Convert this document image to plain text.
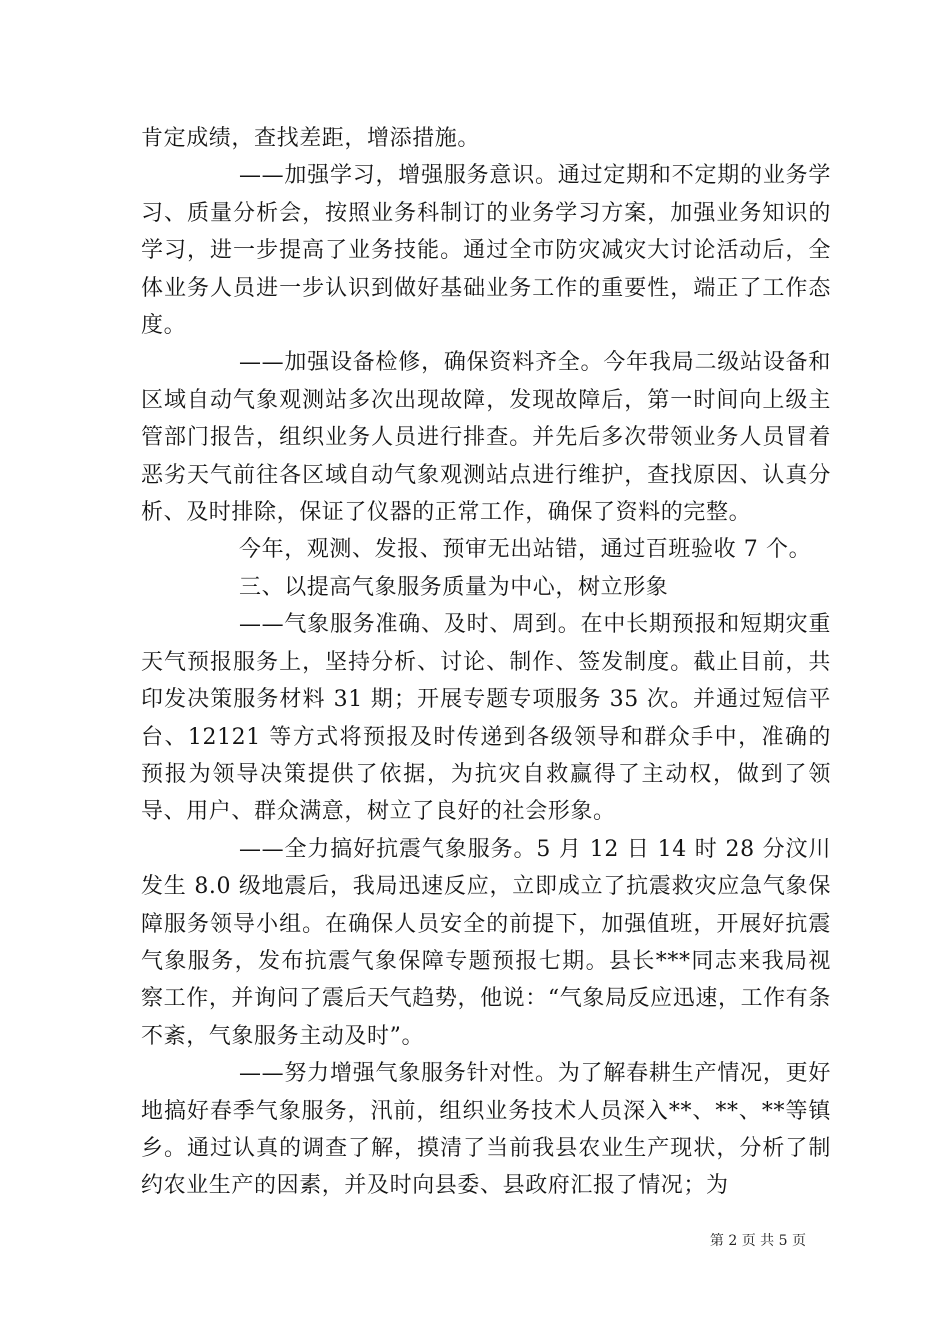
肯定成绩，查找差距，增添措施。

——加强学习，增强服务意识。通过定期和不定期的业务学习、质量分析会，按照业务科制订的业务学习方案，加强业务知识的学习，进一步提高了业务技能。通过全市防灾减灾大讨论活动后，全体业务人员进一步认识到做好基础业务工作的重要性，端正了工作态度。

——加强设备检修，确保资料齐全。今年我局二级站设备和区域自动气象观测站多次出现故障，发现故障后，第一时间向上级主管部门报告，组织业务人员进行排查。并先后多次带领业务人员冒着恶劣天气前往各区域自动气象观测站点进行维护，查找原因、认真分析、及时排除，保证了仪器的正常工作，确保了资料的完整。

今年，观测、发报、预审无出站错，通过百班验收 7 个。

三、以提高气象服务质量为中心，树立形象

——气象服务准确、及时、周到。在中长期预报和短期灾重天气预报服务上，坚持分析、讨论、制作、签发制度。截止目前，共印发决策服务材料 31 期；开展专题专项服务 35 次。并通过短信平台、12121 等方式将预报及时传递到各级领导和群众手中，准确的预报为领导决策提供了依据，为抗灾自救赢得了主动权，做到了领导、用户、群众满意，树立了良好的社会形象。

——全力搞好抗震气象服务。5 月 12 日 14 时 28 分汶川发生 8.0 级地震后，我局迅速反应，立即成立了抗震救灾应急气象保障服务领导小组。在确保人员安全的前提下，加强值班，开展好抗震气象服务，发布抗震气象保障专题预报七期。县长***同志来我局视察工作，并询问了震后天气趋势，他说：“气象局反应迅速，工作有条不紊，气象服务主动及时”。

——努力增强气象服务针对性。为了解春耕生产情况，更好地搞好春季气象服务，汛前，组织业务技术人员深入**、**、**等镇乡。通过认真的调查了解，摸清了当前我县农业生产现状，分析了制约农业生产的因素，并及时向县委、县政府汇报了情况；为

第 2 页 共 5 页
